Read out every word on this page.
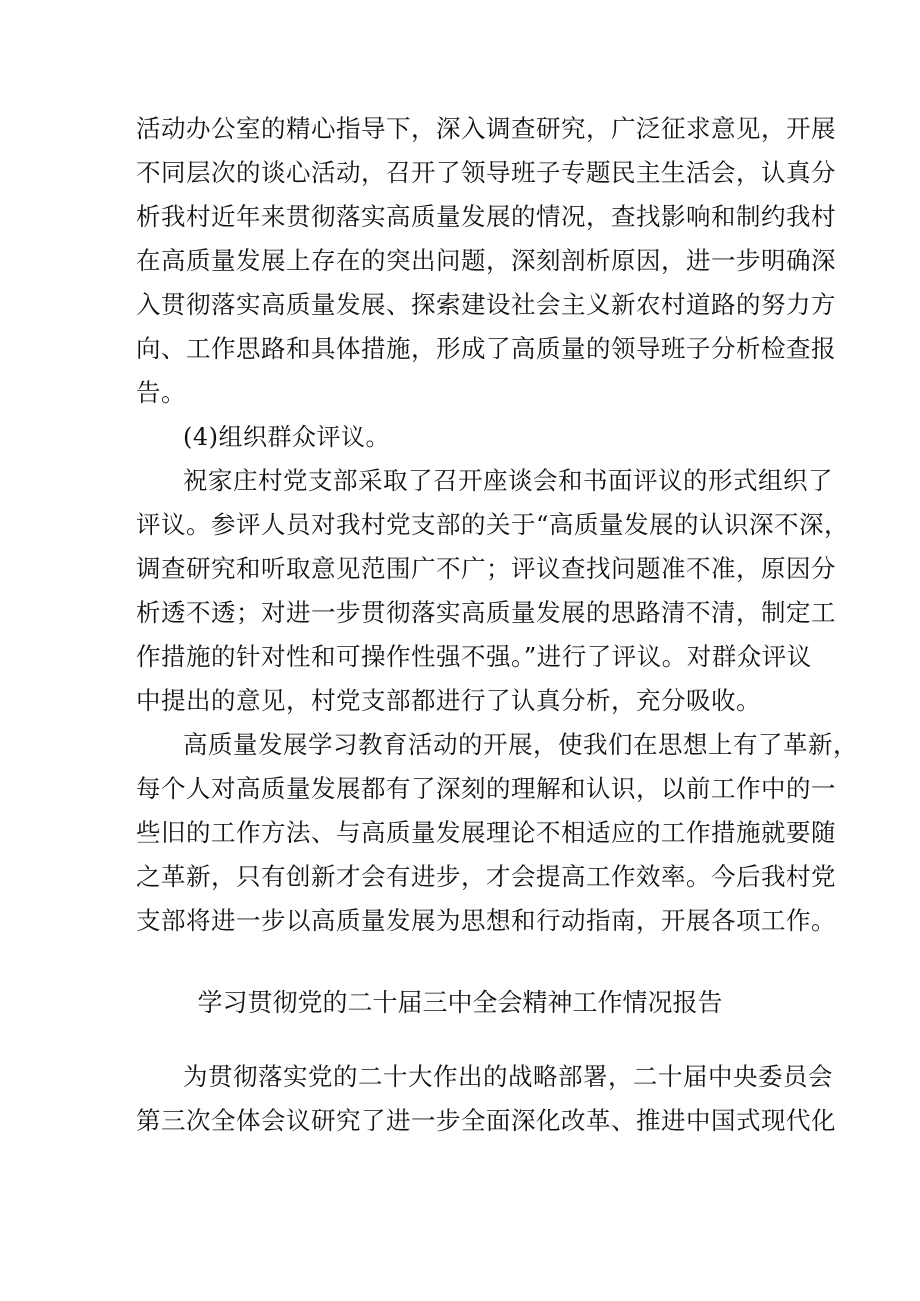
活动办公室的精心指导下，深入调查研究，广泛征求意见，开展
不同层次的谈心活动，召开了领导班子专题民主生活会，认真分
析我村近年来贯彻落实高质量发展的情况，查找影响和制约我村
在高质量发展上存在的突出问题，深刻剖析原因，进一步明确深
入贯彻落实高质量发展、探索建设社会主义新农村道路的努力方
向、工作思路和具体措施，形成了高质量的领导班子分析检查报
告。
(4)组织群众评议。
祝家庄村党支部采取了召开座谈会和书面评议的形式组织了
评议。参评人员对我村党支部的关于“高质量发展的认识深不深，
调查研究和听取意见范围广不广；评议查找问题准不准，原因分
析透不透；对进一步贯彻落实高质量发展的思路清不清，制定工
作措施的针对性和可操作性强不强。”进行了评议。对群众评议
中提出的意见，村党支部都进行了认真分析，充分吸收。
高质量发展学习教育活动的开展，使我们在思想上有了革新，
每个人对高质量发展都有了深刻的理解和认识，以前工作中的一
些旧的工作方法、与高质量发展理论不相适应的工作措施就要随
之革新，只有创新才会有进步，才会提高工作效率。今后我村党
支部将进一步以高质量发展为思想和行动指南，开展各项工作。
学习贯彻党的二十届三中全会精神工作情况报告
为贯彻落实党的二十大作出的战略部署，二十届中央委员会
第三次全体会议研究了进一步全面深化改革、推进中国式现代化
